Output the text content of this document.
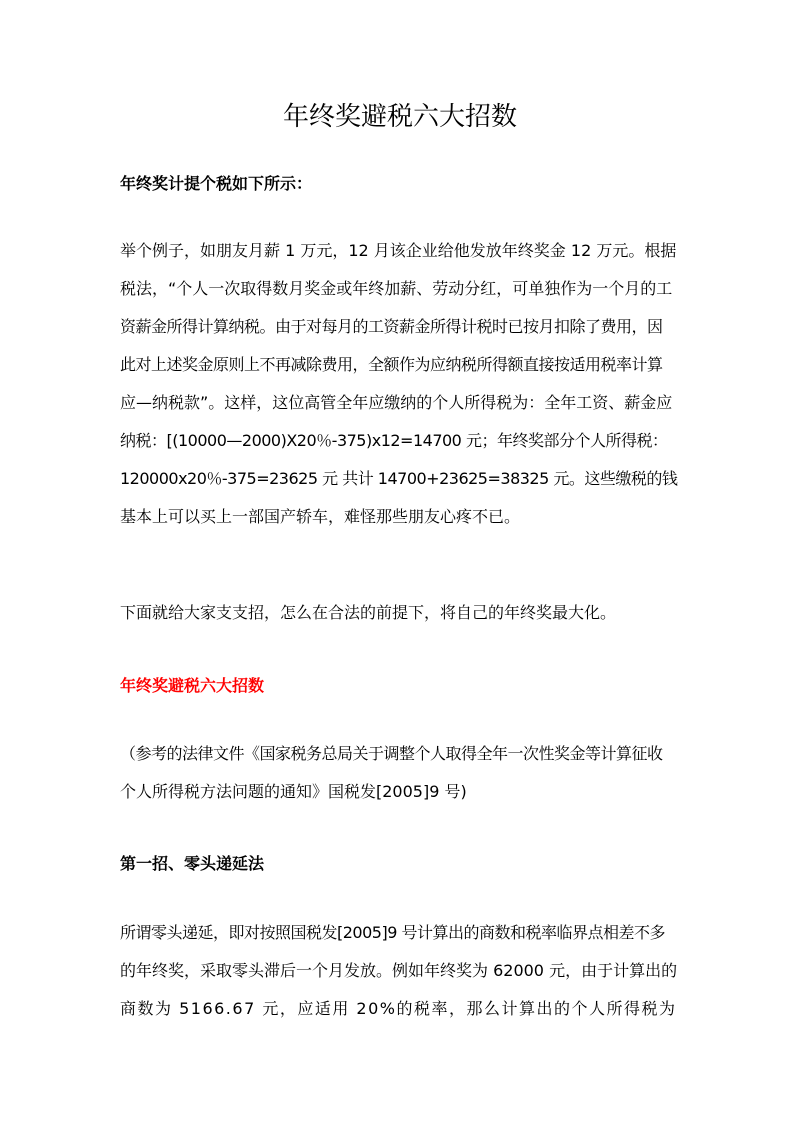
年终奖避税六大招数

年终奖计提个税如下所示：

举个例子，如朋友月薪 1 万元，12 月该企业给他发放年终奖金 12 万元。根据
税法，“个人一次取得数月奖金或年终加薪、劳动分红，可单独作为一个月的工
资薪金所得计算纳税。由于对每月的工资薪金所得计税时已按月扣除了费用，因
此对上述奖金原则上不再减除费用，全额作为应纳税所得额直接按适用税率计算
应—纳税款”。这样，这位高管全年应缴纳的个人所得税为：全年工资、薪金应
纳税：[(10000—2000)X20％-375)x12=14700 元；年终奖部分个人所得税：
120000x20％-375=23625 元 共计 14700+23625=38325 元。这些缴税的钱
基本上可以买上一部国产轿车，难怪那些朋友心疼不已。

下面就给大家支支招，怎么在合法的前提下，将自己的年终奖最大化。

年终奖避税六大招数

（参考的法律文件《国家税务总局关于调整个人取得全年一次性奖金等计算征收
个人所得税方法问题的通知》国税发[2005]9 号)

第一招、零头递延法

所谓零头递延，即对按照国税发[2005]9 号计算出的商数和税率临界点相差不多
的年终奖，采取零头滞后一个月发放。例如年终奖为 62000 元，由于计算出的
商数为 5166.67 元，应适用 20%的税率，那么计算出的个人所得税为
